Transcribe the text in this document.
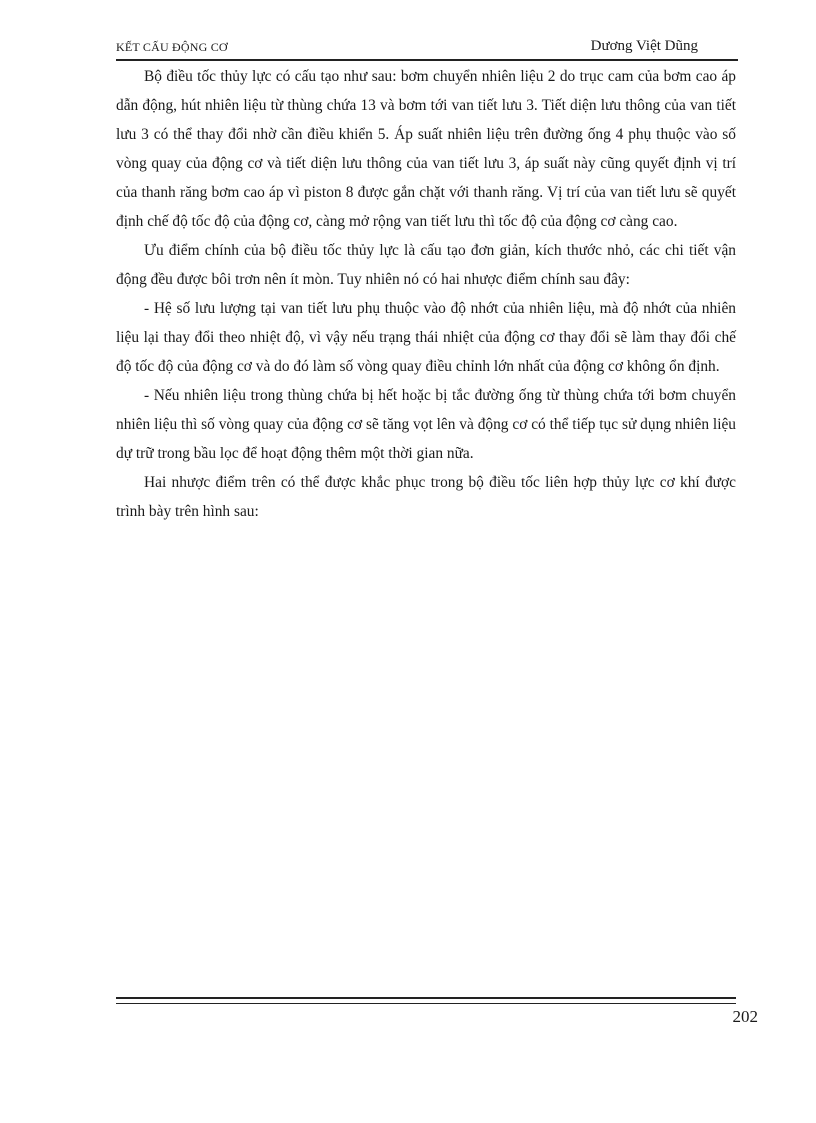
KẾT CẤU ĐỘNG CƠ	Dương Việt Dũng

Bộ điều tốc thủy lực có cấu tạo như sau: bơm chuyển nhiên liệu 2 do trục cam của bơm cao áp dẫn động, hút nhiên liệu từ thùng chứa 13 và bơm tới van tiết lưu 3. Tiết diện lưu thông của van tiết lưu 3 có thể thay đổi nhờ cần điều khiển 5. Áp suất nhiên liệu trên đường ống 4 phụ thuộc vào số vòng quay của động cơ và tiết diện lưu thông của van tiết lưu 3, áp suất này cũng quyết định vị trí của thanh răng bơm cao áp vì piston 8 được gắn chặt với thanh răng. Vị trí của van tiết lưu sẽ quyết định chế độ tốc độ của động cơ, càng mở rộng van tiết lưu thì tốc độ của động cơ càng cao.

Ưu điểm chính của bộ điều tốc thủy lực là cấu tạo đơn giản, kích thước nhỏ, các chi tiết vận động đều được bôi trơn nên ít mòn. Tuy nhiên nó có hai nhược điểm chính sau đây:

- Hệ số lưu lượng tại van tiết lưu phụ thuộc vào độ nhớt của nhiên liệu, mà độ nhớt của nhiên liệu lại thay đổi theo nhiệt độ, vì vậy nếu trạng thái nhiệt của động cơ thay đổi sẽ làm thay đổi chế độ tốc độ của động cơ và do đó làm số vòng quay điều chỉnh lớn nhất của động cơ không ổn định.

- Nếu nhiên liệu trong thùng chứa bị hết hoặc bị tắc đường ống từ thùng chứa tới bơm chuyển nhiên liệu thì số vòng quay của động cơ sẽ tăng vọt lên và động cơ có thể tiếp tục sử dụng nhiên liệu dự trữ trong bầu lọc để hoạt động thêm một thời gian nữa.

Hai nhược điểm trên có thể được khắc phục trong bộ điều tốc liên hợp thủy lực cơ khí được trình bày trên hình sau:

202
